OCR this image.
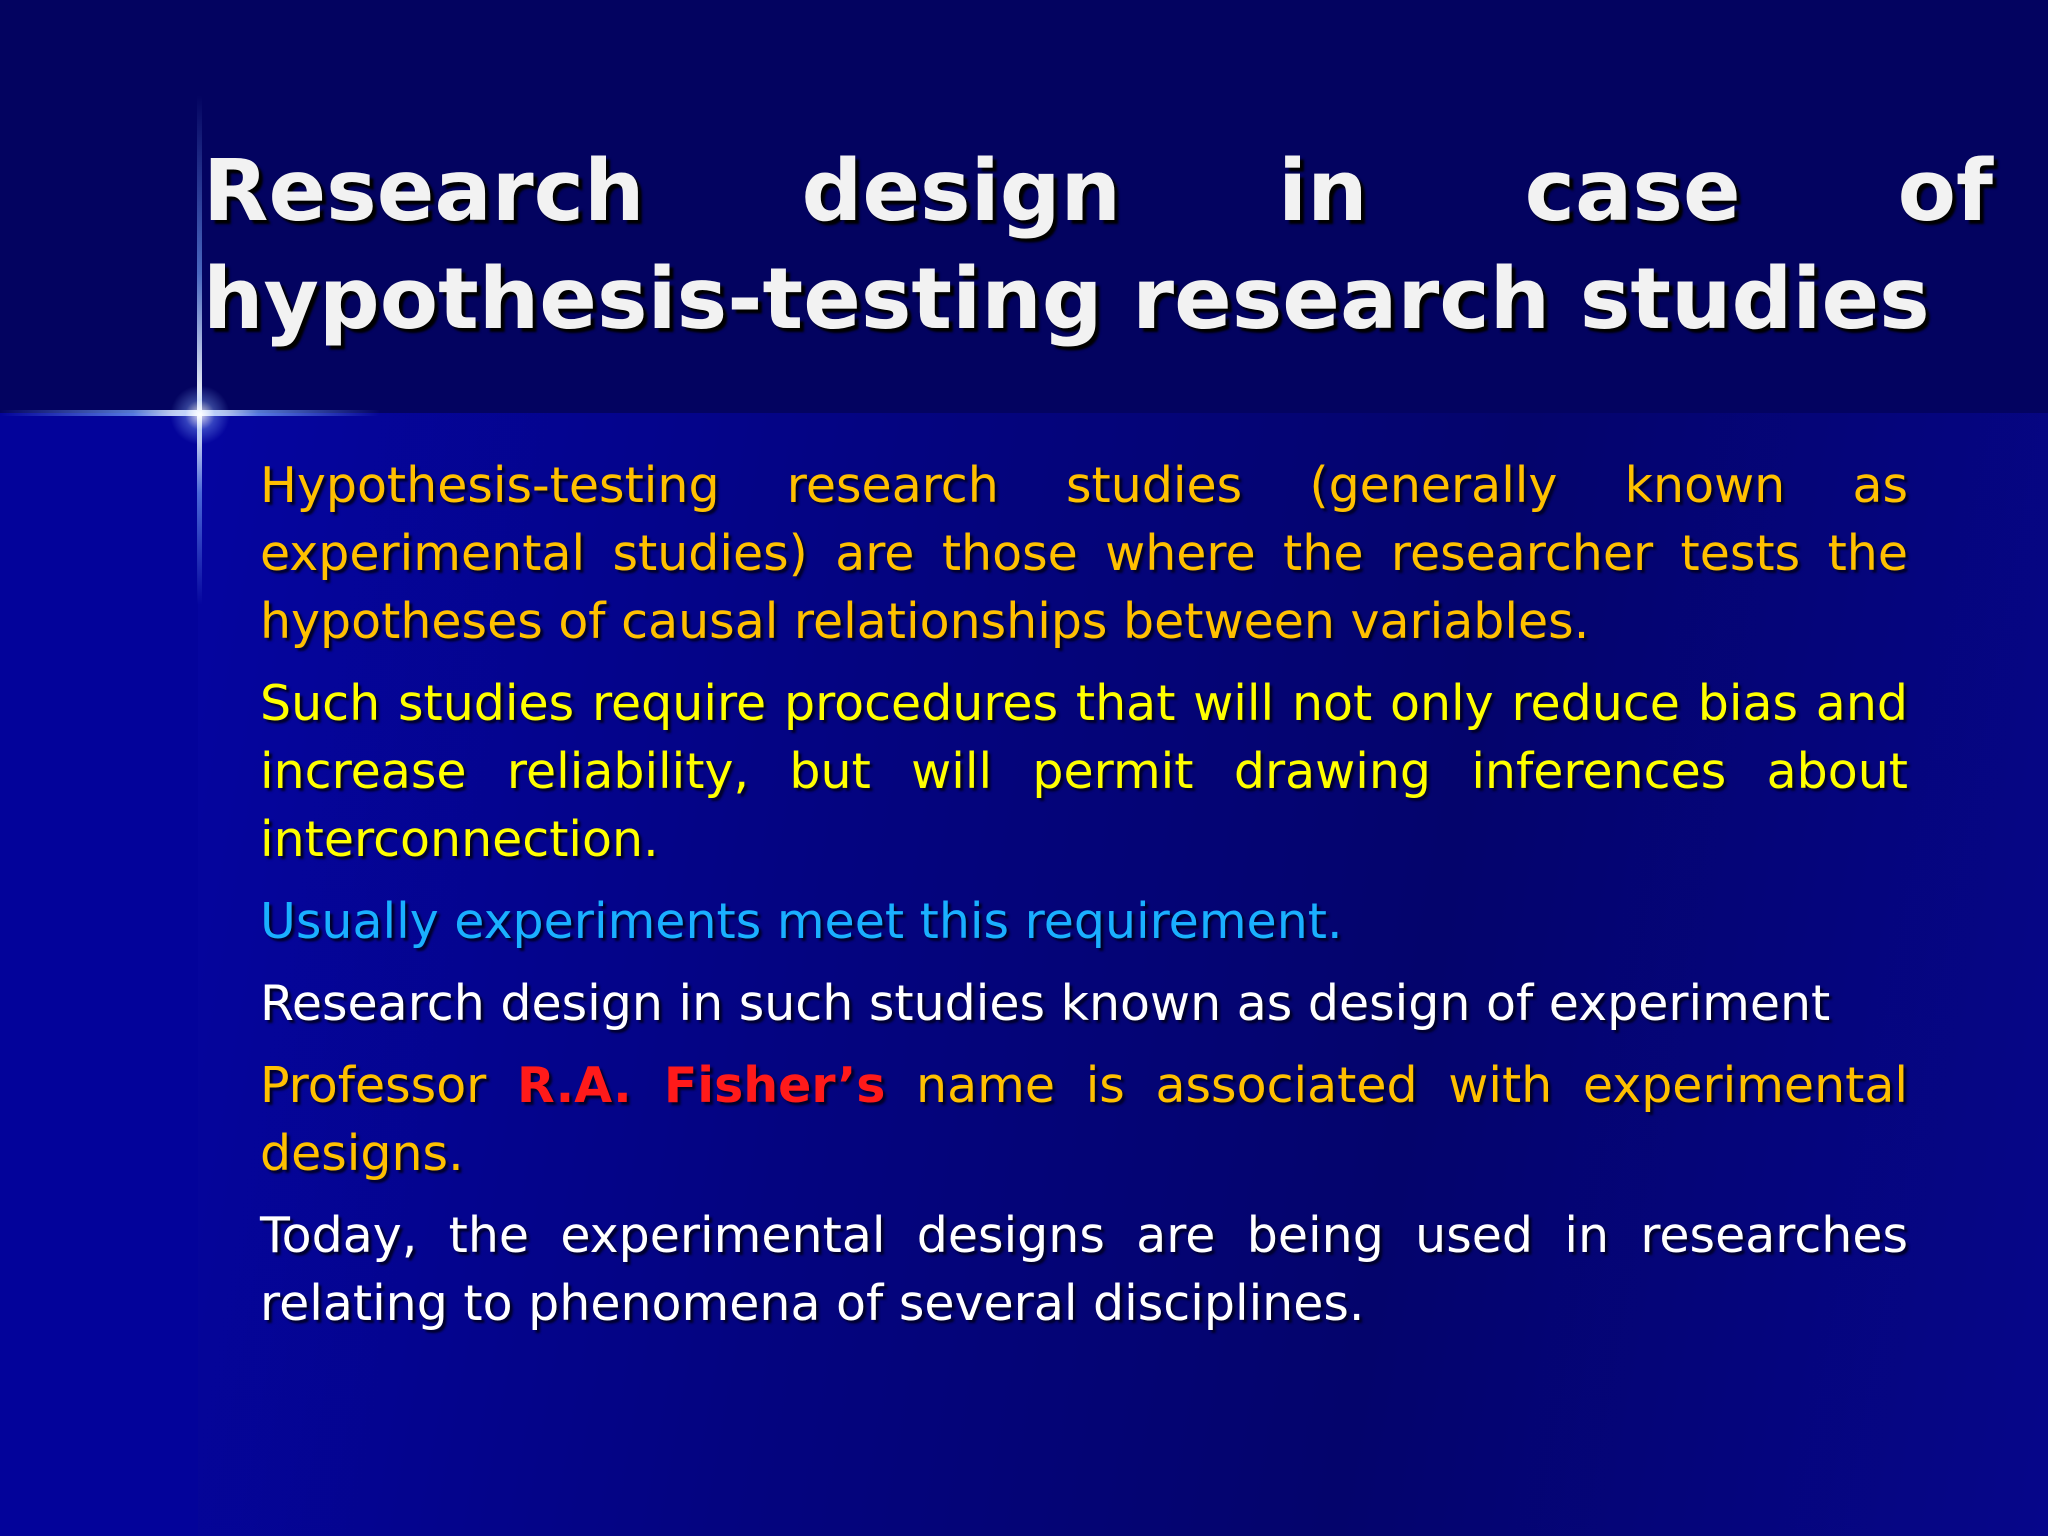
Research design in case of hypothesis-testing research studies

Hypothesis-testing research studies (generally known as experimental studies) are those where the researcher tests the hypotheses of causal relationships between variables.

Such studies require procedures that will not only reduce bias and increase reliability, but will permit drawing inferences about interconnection.

Usually experiments meet this requirement.

Research design in such studies known as design of experiment

Professor R.A. Fisher’s name is associated with experimental designs.

Today, the experimental designs are being used in researches relating to phenomena of several disciplines.
